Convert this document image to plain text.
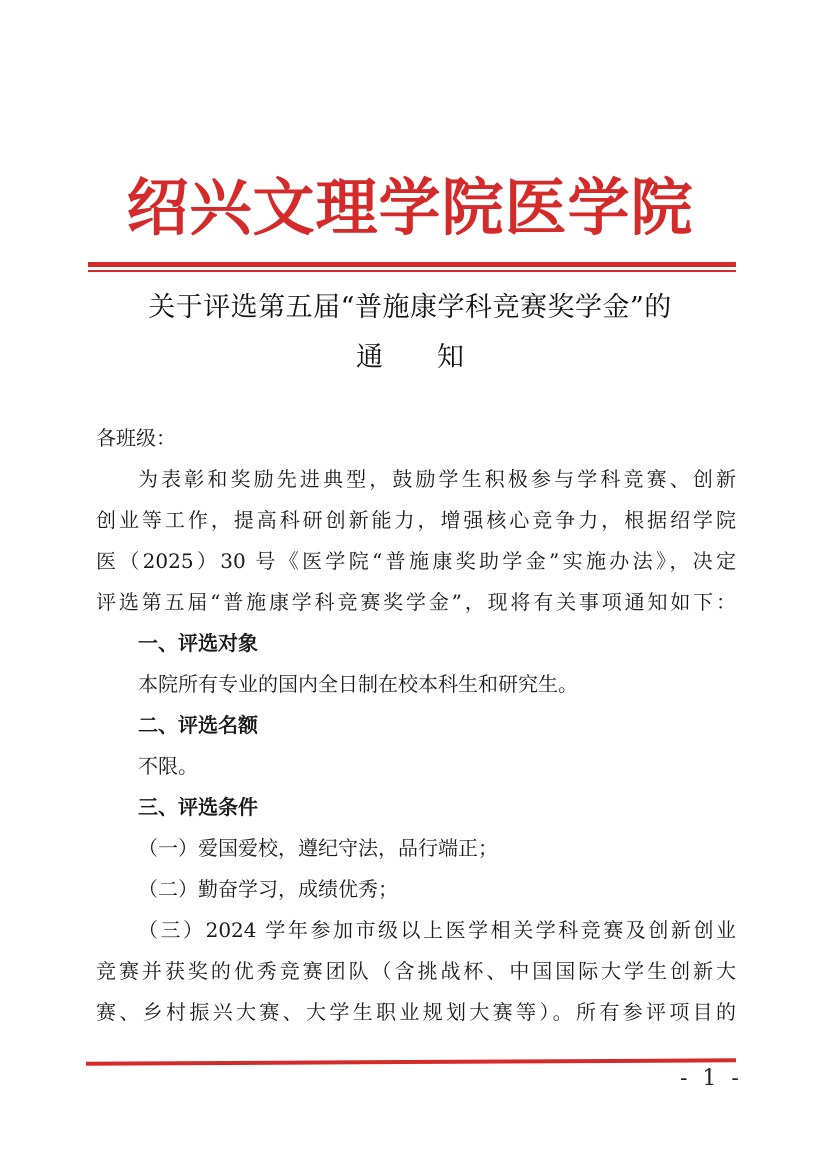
绍兴文理学院医学院
关于评选第五届“普施康学科竞赛奖学金”的
通 知
各班级：
为表彰和奖励先进典型，鼓励学生积极参与学科竞赛、创新
创业等工作，提高科研创新能力，增强核心竞争力，根据绍学院
医（2025）30 号《医学院“普施康奖助学金”实施办法》，决定
评选第五届“普施康学科竞赛奖学金”，现将有关事项通知如下：
一、评选对象
本院所有专业的国内全日制在校本科生和研究生。
二、评选名额
不限。
三、评选条件
（一）爱国爱校，遵纪守法，品行端正；
（二）勤奋学习，成绩优秀；
（三）2024 学年参加市级以上医学相关学科竞赛及创新创业
竞赛并获奖的优秀竞赛团队（含挑战杯、中国国际大学生创新大
赛、乡村振兴大赛、大学生职业规划大赛等）。所有参评项目的
- 1 -
